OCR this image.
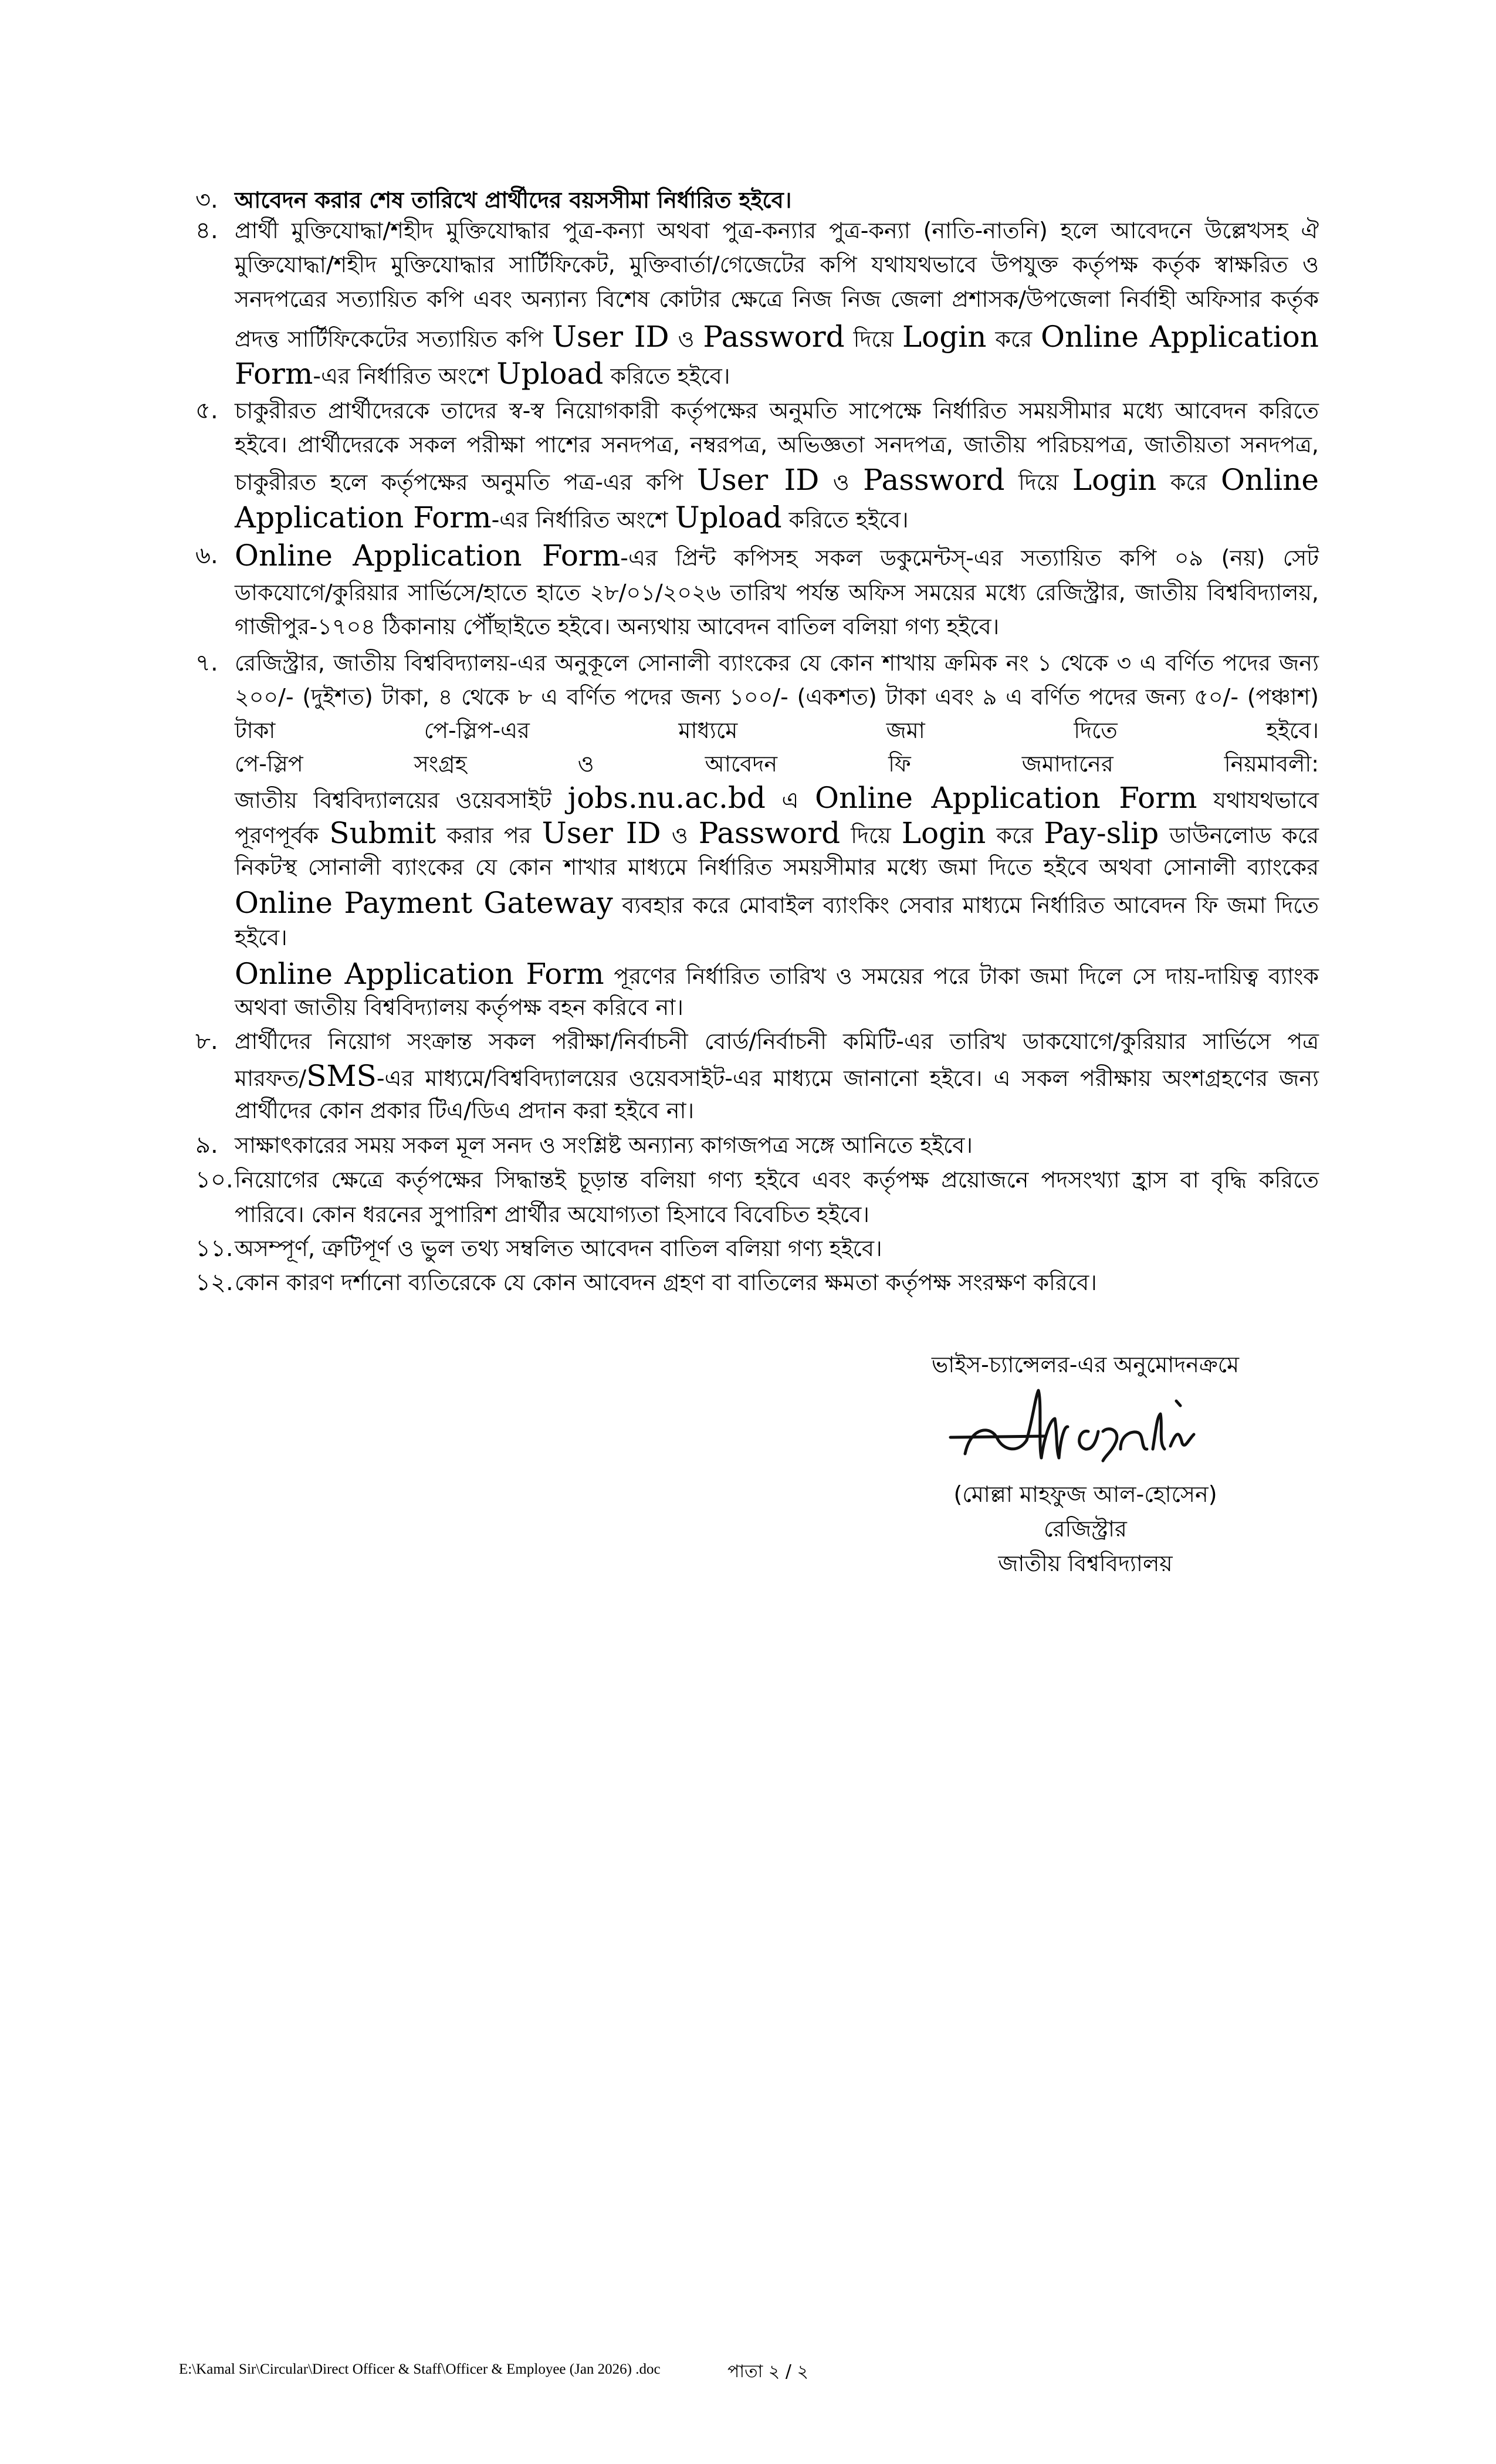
৩. আবেদন করার শেষ তারিখে প্রার্থীদের বয়সসীমা নির্ধারিত হইবে।
৪. প্রার্থী মুক্তিযোদ্ধা/শহীদ মুক্তিযোদ্ধার পুত্র-কন্যা অথবা পুত্র-কন্যার পুত্র-কন্যা (নাতি-নাতনি) হলে আবেদনে উল্লেখসহ ঐ
মুক্তিযোদ্ধা/শহীদ মুক্তিযোদ্ধার সার্টিফিকেট, মুক্তিবার্তা/গেজেটের কপি যথাযথভাবে উপযুক্ত কর্তৃপক্ষ কর্তৃক স্বাক্ষরিত ও
সনদপত্রের সত্যায়িত কপি এবং অন্যান্য বিশেষ কোটার ক্ষেত্রে নিজ নিজ জেলা প্রশাসক/উপজেলা নির্বাহী অফিসার কর্তৃক
প্রদত্ত সার্টিফিকেটের সত্যায়িত কপি User ID ও Password দিয়ে Login করে Online Application
Form-এর নির্ধারিত অংশে Upload করিতে হইবে।
৫. চাকুরীরত প্রার্থীদেরকে তাদের স্ব-স্ব নিয়োগকারী কর্তৃপক্ষের অনুমতি সাপেক্ষে নির্ধারিত সময়সীমার মধ্যে আবেদন করিতে
হইবে। প্রার্থীদেরকে সকল পরীক্ষা পাশের সনদপত্র, নম্বরপত্র, অভিজ্ঞতা সনদপত্র, জাতীয় পরিচয়পত্র, জাতীয়তা সনদপত্র,
চাকুরীরত হলে কর্তৃপক্ষের অনুমতি পত্র-এর কপি User ID ও Password দিয়ে Login করে Online
Application Form-এর নির্ধারিত অংশে Upload করিতে হইবে।
৬. Online Application Form-এর প্রিন্ট কপিসহ সকল ডকুমেন্টস্-এর সত্যায়িত কপি ০৯ (নয়) সেট
ডাকযোগে/কুরিয়ার সার্ভিসে/হাতে হাতে ২৮/০১/২০২৬ তারিখ পর্যন্ত অফিস সময়ের মধ্যে রেজিস্ট্রার, জাতীয় বিশ্ববিদ্যালয়,
গাজীপুর-১৭০৪ ঠিকানায় পৌঁছাইতে হইবে। অন্যথায় আবেদন বাতিল বলিয়া গণ্য হইবে।
৭. রেজিস্ট্রার, জাতীয় বিশ্ববিদ্যালয়-এর অনুকূলে সোনালী ব্যাংকের যে কোন শাখায় ক্রমিক নং ১ থেকে ৩ এ বর্ণিত পদের জন্য
২০০/- (দুইশত) টাকা, ৪ থেকে ৮ এ বর্ণিত পদের জন্য ১০০/- (একশত) টাকা এবং ৯ এ বর্ণিত পদের জন্য ৫০/- (পঞ্চাশ)
টাকা পে-স্লিপ-এর মাধ্যমে জমা দিতে হইবে।
পে-স্লিপ সংগ্রহ ও আবেদন ফি জমাদানের নিয়মাবলী:
জাতীয় বিশ্ববিদ্যালয়ের ওয়েবসাইট jobs.nu.ac.bd এ Online Application Form যথাযথভাবে
পূরণপূর্বক Submit করার পর User ID ও Password দিয়ে Login করে Pay-slip ডাউনলোড করে
নিকটস্থ সোনালী ব্যাংকের যে কোন শাখার মাধ্যমে নির্ধারিত সময়সীমার মধ্যে জমা দিতে হইবে অথবা সোনালী ব্যাংকের
Online Payment Gateway ব্যবহার করে মোবাইল ব্যাংকিং সেবার মাধ্যমে নির্ধারিত আবেদন ফি জমা দিতে
হইবে।
Online Application Form পূরণের নির্ধারিত তারিখ ও সময়ের পরে টাকা জমা দিলে সে দায়-দায়িত্ব ব্যাংক
অথবা জাতীয় বিশ্ববিদ্যালয় কর্তৃপক্ষ বহন করিবে না।
৮. প্রার্থীদের নিয়োগ সংক্রান্ত সকল পরীক্ষা/নির্বাচনী বোর্ড/নির্বাচনী কমিটি-এর তারিখ ডাকযোগে/কুরিয়ার সার্ভিসে পত্র
মারফত/SMS-এর মাধ্যমে/বিশ্ববিদ্যালয়ের ওয়েবসাইট-এর মাধ্যমে জানানো হইবে। এ সকল পরীক্ষায় অংশগ্রহণের জন্য
প্রার্থীদের কোন প্রকার টিএ/ডিএ প্রদান করা হইবে না।
৯. সাক্ষাৎকারের সময় সকল মূল সনদ ও সংশ্লিষ্ট অন্যান্য কাগজপত্র সঙ্গে আনিতে হইবে।
১০. নিয়োগের ক্ষেত্রে কর্তৃপক্ষের সিদ্ধান্তই চূড়ান্ত বলিয়া গণ্য হইবে এবং কর্তৃপক্ষ প্রয়োজনে পদসংখ্যা হ্রাস বা বৃদ্ধি করিতে
পারিবে। কোন ধরনের সুপারিশ প্রার্থীর অযোগ্যতা হিসাবে বিবেচিত হইবে।
১১. অসম্পূর্ণ, ত্রুটিপূর্ণ ও ভুল তথ্য সম্বলিত আবেদন বাতিল বলিয়া গণ্য হইবে।
১২. কোন কারণ দর্শানো ব্যতিরেকে যে কোন আবেদন গ্রহণ বা বাতিলের ক্ষমতা কর্তৃপক্ষ সংরক্ষণ করিবে।
ভাইস-চ্যান্সেলর-এর অনুমোদনক্রমে
(মোল্লা মাহফুজ আল-হোসেন)
রেজিস্ট্রার
জাতীয় বিশ্ববিদ্যালয়
E:\Kamal Sir\Circular\Direct Officer & Staff\Officer & Employee (Jan 2026) .doc	পাতা ২ / ২
